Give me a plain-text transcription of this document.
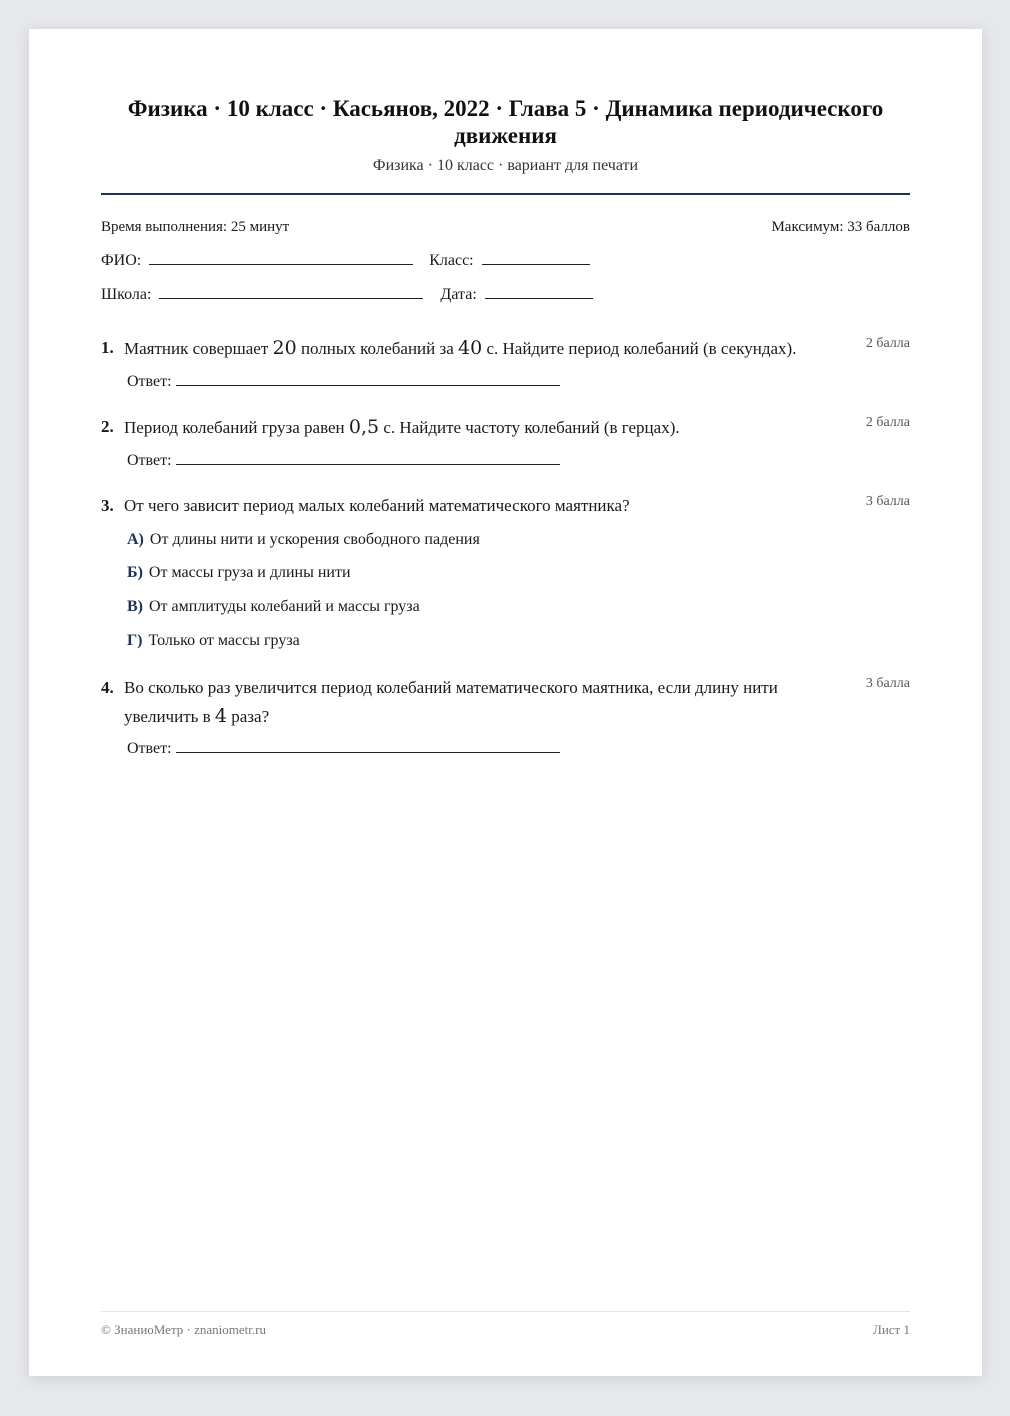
Физика · 10 класс · Касьянов, 2022 · Глава 5 · Динамика периодического движения
Физика · 10 класс · вариант для печати
Время выполнения: 25 минут	Максимум: 33 баллов
ФИО:	Класс:
Школа:	Дата:
1. Маятник совершает 20 полных колебаний за 40 с. Найдите период колебаний (в секундах).	2 балла
Ответ:
2. Период колебаний груза равен 0,5 с. Найдите частоту колебаний (в герцах).	2 балла
Ответ:
3. От чего зависит период малых колебаний математического маятника?	3 балла
А) От длины нити и ускорения свободного падения
Б) От массы груза и длины нити
В) От амплитуды колебаний и массы груза
Г) Только от массы груза
4. Во сколько раз увеличится период колебаний математического маятника, если длину нити увеличить в 4 раза?
3 балла
Ответ:
© ЗнаниоМетр · znaniometr.ru	Лист 1
